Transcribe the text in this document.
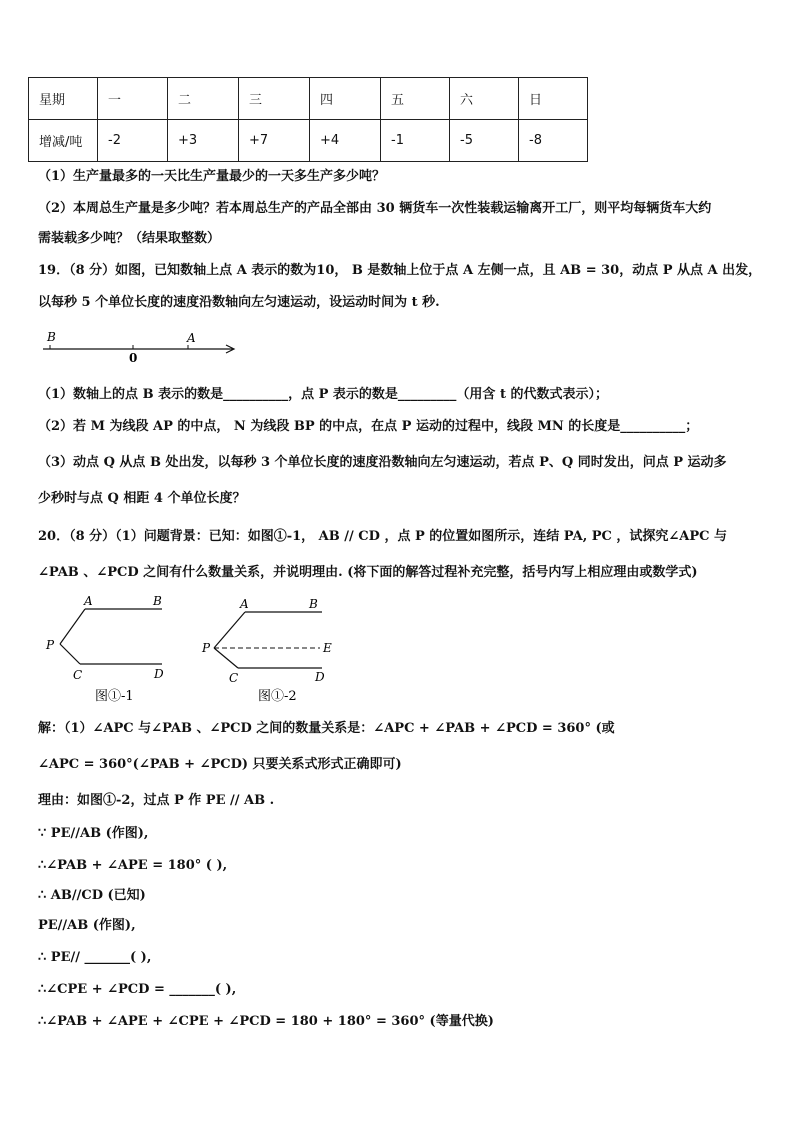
星期	一	二	三	四	五	六	日
增减/吨	-2	+3	+7	+4	-1	-5	-8
（1）生产量最多的一天比生产量最少的一天多生产多少吨？
（2）本周总生产量是多少吨？若本周总生产的产品全部由 30 辆货车一次性装载运输离开工厂，则平均每辆货车大约
需装载多少吨？（结果取整数）
19．（8 分）如图，已知数轴上点 A 表示的数为10， B 是数轴上位于点 A 左侧一点，且 AB = 30，动点 P 从点 A 出发，
以每秒 5 个单位长度的速度沿数轴向左匀速运动，设运动时间为 t 秒.
B
0
A
（1）数轴上的点 B 表示的数是__________，点 P 表示的数是_________（用含 t 的代数式表示）；
（2）若 M 为线段 AP 的中点， N 为线段 BP 的中点，在点 P 运动的过程中，线段 MN 的长度是__________；
（3）动点 Q 从点 B 处出发，以每秒 3 个单位长度的速度沿数轴向左匀速运动，若点 P、Q 同时发出，问点 P 运动多
少秒时与点 Q 相距 4 个单位长度？
20．（8 分）（1）问题背景：已知：如图①-1， AB // CD ，点 P 的位置如图所示，连结 PA, PC ，试探究∠APC 与
∠PAB 、∠PCD 之间有什么数量关系，并说明理由. (将下面的解答过程补充完整，括号内写上相应理由或数学式)
A	B
P
C	D
图①-1
A	B
P	E
C	D
图①-2
解：（1）∠APC 与∠PAB 、∠PCD 之间的数量关系是：∠APC + ∠PAB + ∠PCD = 360° (或
∠APC = 360°(∠PAB + ∠PCD) 只要关系式形式正确即可)
理由：如图①-2，过点 P 作 PE // AB .
∵ PE//AB (作图),
∴∠PAB + ∠APE = 180° ( ),
∴ AB//CD (已知)
PE//AB (作图),
∴ PE// _______( ),
∴∠CPE + ∠PCD = _______( ),
∴∠PAB + ∠APE + ∠CPE + ∠PCD = 180 + 180° = 360° (等量代换)
